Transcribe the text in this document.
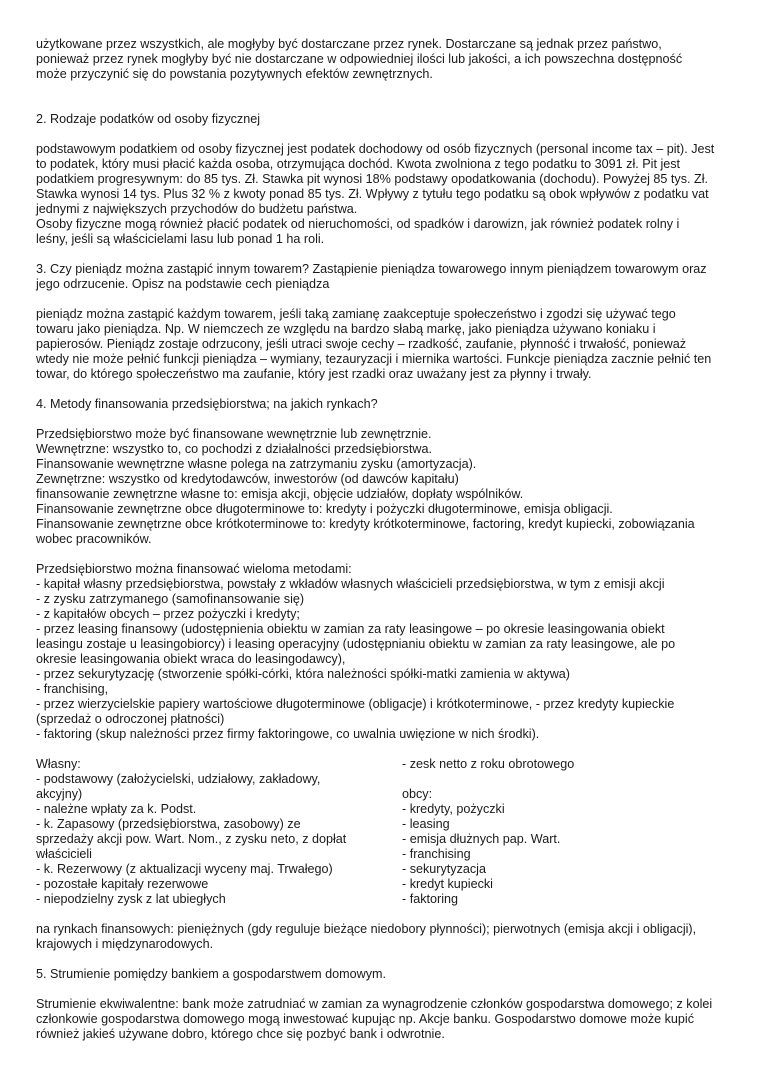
użytkowane przez wszystkich, ale mogłyby być dostarczane przez rynek. Dostarczane są jednak przez państwo,
ponieważ przez rynek mogłyby być nie dostarczane w odpowiedniej ilości lub jakości, a ich powszechna dostępność
może przyczynić się do powstania pozytywnych efektów zewnętrznych.

2. Rodzaje podatków od osoby fizycznej

podstawowym podatkiem od osoby fizycznej jest podatek dochodowy od osób fizycznych (personal income tax – pit). Jest
to podatek, który musi płacić każda osoba, otrzymująca dochód. Kwota zwolniona z tego podatku to 3091 zł. Pit jest
podatkiem progresywnym: do 85 tys. Zł. Stawka pit wynosi 18% podstawy opodatkowania (dochodu). Powyżej 85 tys. Zł.
Stawka wynosi 14 tys. Plus 32 % z kwoty ponad 85 tys. Zł. Wpływy z tytułu tego podatku są obok wpływów z podatku vat
jednymi z największych przychodów do budżetu państwa.
Osoby fizyczne mogą również płacić podatek od nieruchomości, od spadków i darowizn, jak również podatek rolny i
leśny, jeśli są właścicielami lasu lub ponad 1 ha roli.

3. Czy pieniądz można zastąpić innym towarem? Zastąpienie pieniądza towarowego innym pieniądzem towarowym oraz
jego odrzucenie. Opisz na podstawie cech pieniądza

pieniądz można zastąpić każdym towarem, jeśli taką zamianę zaakceptuje społeczeństwo i zgodzi się używać tego
towaru jako pieniądza. Np. W niemczech ze względu na bardzo słabą markę, jako pieniądza używano koniaku i
papierosów. Pieniądz zostaje odrzucony, jeśli utraci swoje cechy – rzadkość, zaufanie, płynność i trwałość, ponieważ
wtedy nie może pełnić funkcji pieniądza – wymiany, tezauryzacji i miernika wartości. Funkcje pieniądza zacznie pełnić ten
towar, do którego społeczeństwo ma zaufanie, który jest rzadki oraz uważany jest za płynny i trwały.

4. Metody finansowania przedsiębiorstwa; na jakich rynkach?

Przedsiębiorstwo może być finansowane wewnętrznie lub zewnętrznie.
Wewnętrzne: wszystko to, co pochodzi z działalności przedsiębiorstwa.
Finansowanie wewnętrzne własne polega na zatrzymaniu zysku (amortyzacja).
Zewnętrzne: wszystko od kredytodawców, inwestorów (od dawców kapitału)
finansowanie zewnętrzne własne to: emisja akcji, objęcie udziałów, dopłaty wspólników.
Finansowanie zewnętrzne obce długoterminowe to: kredyty i pożyczki długoterminowe, emisja obligacji.
Finansowanie zewnętrzne obce krótkoterminowe to: kredyty krótkoterminowe, factoring, kredyt kupiecki, zobowiązania
wobec pracowników.

Przedsiębiorstwo można finansować wieloma metodami:
- kapitał własny przedsiębiorstwa, powstały z wkładów własnych właścicieli przedsiębiorstwa, w tym z emisji akcji
- z zysku zatrzymanego (samofinansowanie się)
- z kapitałów obcych – przez pożyczki i kredyty;
- przez leasing finansowy (udostępnienia obiektu w zamian za raty leasingowe – po okresie leasingowania obiekt
leasingu zostaje u leasingobiorcy) i leasing operacyjny (udostępnianiu obiektu w zamian za raty leasingowe, ale po
okresie leasingowania obiekt wraca do leasingodawcy),
- przez sekurytyzację (stworzenie spółki-córki, która należności spółki-matki zamienia w aktywa)
- franchising,
- przez wierzycielskie papiery wartościowe długoterminowe (obligacje) i krótkoterminowe, - przez kredyty kupieckie
(sprzedaż o odroczonej płatności)
- faktoring (skup należności przez firmy faktoringowe, co uwalnia uwięzione w nich środki).

Własny:
- podstawowy (założycielski, udziałowy, zakładowy,
akcyjny)
- należne wpłaty za k. Podst.
- k. Zapasowy (przedsiębiorstwa, zasobowy) ze
sprzedaży akcji pow. Wart. Nom., z zysku neto, z dopłat
właścicieli
- k. Rezerwowy (z aktualizacji wyceny maj. Trwałego)
- pozostałe kapitały rezerwowe
- niepodzielny zysk z lat ubiegłych
- zesk netto z roku obrotowego

obcy:
- kredyty, pożyczki
- leasing
- emisja dłużnych pap. Wart.
- franchising
- sekurytyzacja
- kredyt kupiecki
- faktoring

na rynkach finansowych: pieniężnych (gdy reguluje bieżące niedobory płynności); pierwotnych (emisja akcji i obligacji),
krajowych i międzynarodowych.

5. Strumienie pomiędzy bankiem a gospodarstwem domowym.

Strumienie ekwiwalentne: bank może zatrudniać w zamian za wynagrodzenie członków gospodarstwa domowego; z kolei
członkowie gospodarstwa domowego mogą inwestować kupując np. Akcje banku. Gospodarstwo domowe może kupić
również jakieś używane dobro, którego chce się pozbyć bank i odwrotnie.
